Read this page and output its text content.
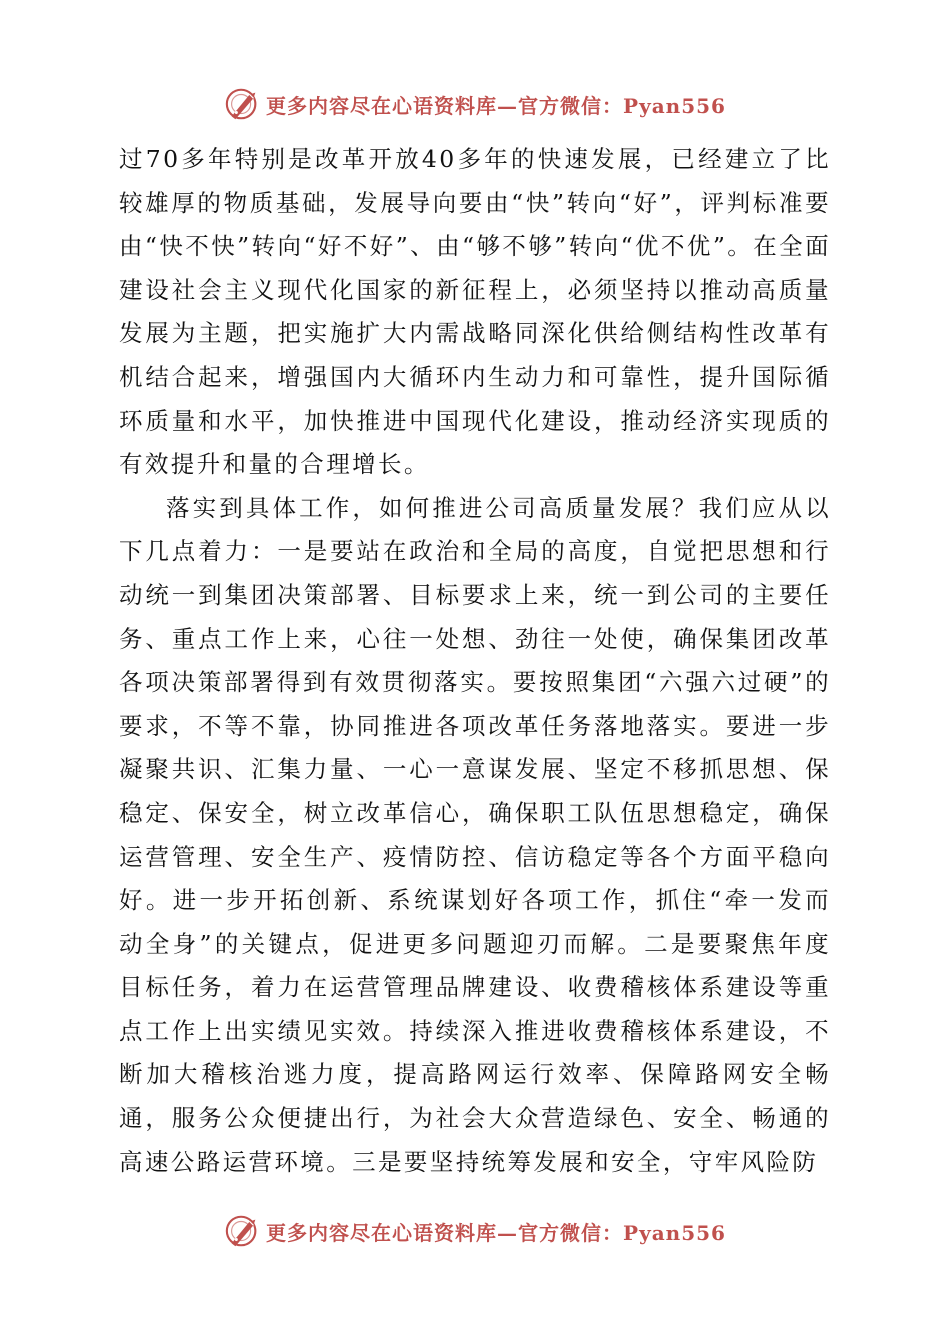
更多内容尽在心语资料库—官方微信：Pyan556

过70多年特别是改革开放40多年的快速发展，已经建立了比较雄厚的物质基础，发展导向要由“快”转向“好”，评判标准要由“快不快”转向“好不好”、由“够不够”转向“优不优”。在全面建设社会主义现代化国家的新征程上，必须坚持以推动高质量发展为主题，把实施扩大内需战略同深化供给侧结构性改革有机结合起来，增强国内大循环内生动力和可靠性，提升国际循环质量和水平，加快推进中国现代化建设，推动经济实现质的有效提升和量的合理增长。

落实到具体工作，如何推进公司高质量发展？我们应从以下几点着力：一是要站在政治和全局的高度，自觉把思想和行动统一到集团决策部署、目标要求上来，统一到公司的主要任务、重点工作上来，心往一处想、劲往一处使，确保集团改革各项决策部署得到有效贯彻落实。要按照集团“六强六过硬”的要求，不等不靠，协同推进各项改革任务落地落实。要进一步凝聚共识、汇集力量、一心一意谋发展、坚定不移抓思想、保稳定、保安全，树立改革信心，确保职工队伍思想稳定，确保运营管理、安全生产、疫情防控、信访稳定等各个方面平稳向好。进一步开拓创新、系统谋划好各项工作，抓住“牵一发而动全身”的关键点，促进更多问题迎刃而解。二是要聚焦年度目标任务，着力在运营管理品牌建设、收费稽核体系建设等重点工作上出实绩见实效。持续深入推进收费稽核体系建设，不断加大稽核治逃力度，提高路网运行效率、保障路网安全畅通，服务公众便捷出行，为社会大众营造绿色、安全、畅通的高速公路运营环境。三是要坚持统筹发展和安全，守牢风险防

更多内容尽在心语资料库—官方微信：Pyan556
